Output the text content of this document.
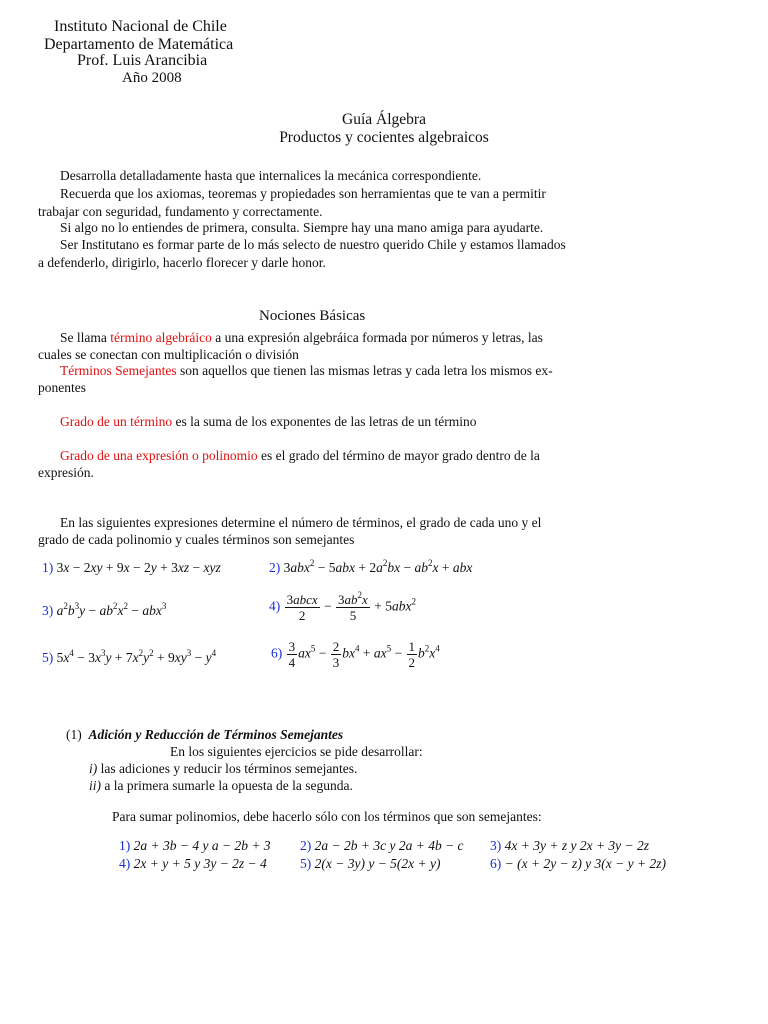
Instituto Nacional de Chile
Departamento de Matemática
Prof. Luis Arancibia
Año 2008
Guía Álgebra
Productos y cocientes algebraicos
Desarrolla detalladamente hasta que internalices la mecánica correspondiente.
Recuerda que los axiomas, teoremas y propiedades son herramientas que te van a permitir
trabajar con seguridad, fundamento y correctamente.
Si algo no lo entiendes de primera, consulta. Siempre hay una mano amiga para ayudarte.
Ser Institutano es formar parte de lo más selecto de nuestro querido Chile y estamos llamados
a defenderlo, dirigirlo, hacerlo florecer y darle honor.
Nociones Básicas
Se llama término algebráico a una expresión algebráica formada por números y letras, las
cuales se conectan con multiplicación o división
Términos Semejantes son aquellos que tienen las mismas letras y cada letra los mismos ex-
ponentes
Grado de un término es la suma de los exponentes de las letras de un término
Grado de una expresión o polinomio es el grado del término de mayor grado dentro de la
expresión.
En las siguientes expresiones determine el número de términos, el grado de cada uno y el
grado de cada polinomio y cuales términos son semejantes
1) 3x − 2xy + 9x − 2y + 3xz − xyz	2) $3abx^2 - 5abx + 2a^2bx - ab^2x$ + abx
3) $a^2b^3y - ab^2x^2 - abx^3$	$4) \frac{\text{3abcx}}{2} - \frac{3ab^2x}{5} + 5abx^2$
5) $5x^4 - 3x^3y + 7x^2y^2 + 9xy^3 - y^4$	$6) \frac{3}{4} ax^5 - \frac{2}{3} bx^4 + ax^5 - \frac{1}{2} b^2x^4$
(1) Adición y Reducción de Términos Semejantes
En los siguientes ejercicios se pide desarrollar:
i) las adiciones y reducir los términos semejantes.
ii) a la primera sumarle la opuesta de la segunda.
Para sumar polinomios, debe hacerlo sólo con los términos que son semejantes:
1) 2a + 3b − 4 y a − 2b + 3 2) 2a − 2b + 3c y 2a + 4b − c 3) 4x + 3y + z y 2x + 3y − 2z
4) 2x + y + 5 y 3y − 2z − 4 5) 2(x − 3y) y − 5(2x + y)	6) − (x + 2y − z) y 3(x − y + 2z)
